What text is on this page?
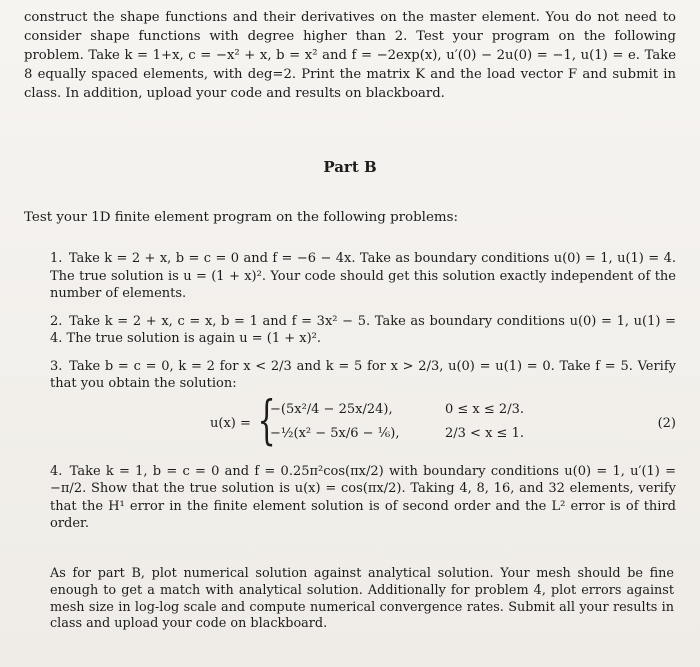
construct the shape functions and their derivatives on the master element. You do not need to consider shape functions with degree higher than 2. Test your program on the following problem. Take k = 1+x, c = −x² + x, b = x² and f = −2exp(x), u′(0) − 2u(0) = −1, u(1) = e. Take 8 equally spaced elements, with deg=2. Print the matrix K and the load vector F and submit in class. In addition, upload your code and results on blackboard.

Part B

Test your 1D finite element program on the following problems:

1. Take k = 2 + x, b = c = 0 and f = −6 − 4x. Take as boundary conditions u(0) = 1, u(1) = 4. The true solution is u = (1 + x)². Your code should get this solution exactly independent of the number of elements.
2. Take k = 2 + x, c = x, b = 1 and f = 3x² − 5. Take as boundary conditions u(0) = 1, u(1) = 4. The true solution is again u = (1 + x)².
3. Take b = c = 0, k = 2 for x < 2/3 and k = 5 for x > 2/3, u(0) = u(1) = 0. Take f = 5. Verify that you obtain the solution:
u(x) = {
−(5x²/4 − 25x/24),	0 ≤ x ≤ 2/3.
−½(x² − 5x/6 − ⅙),	2/3 < x ≤ 1.
(2)
4. Take k = 1, b = c = 0 and f = 0.25π²cos(πx/2) with boundary conditions u(0) = 1, u′(1) = −π/2. Show that the true solution is u(x) = cos(πx/2). Taking 4, 8, 16, and 32 elements, verify that the H¹ error in the finite element solution is of second order and the L² error is of third order.

As for part B, plot numerical solution against analytical solution. Your mesh should be fine enough to get a match with analytical solution. Additionally for problem 4, plot errors against mesh size in log-log scale and compute numerical convergence rates. Submit all your results in class and upload your code on blackboard.
